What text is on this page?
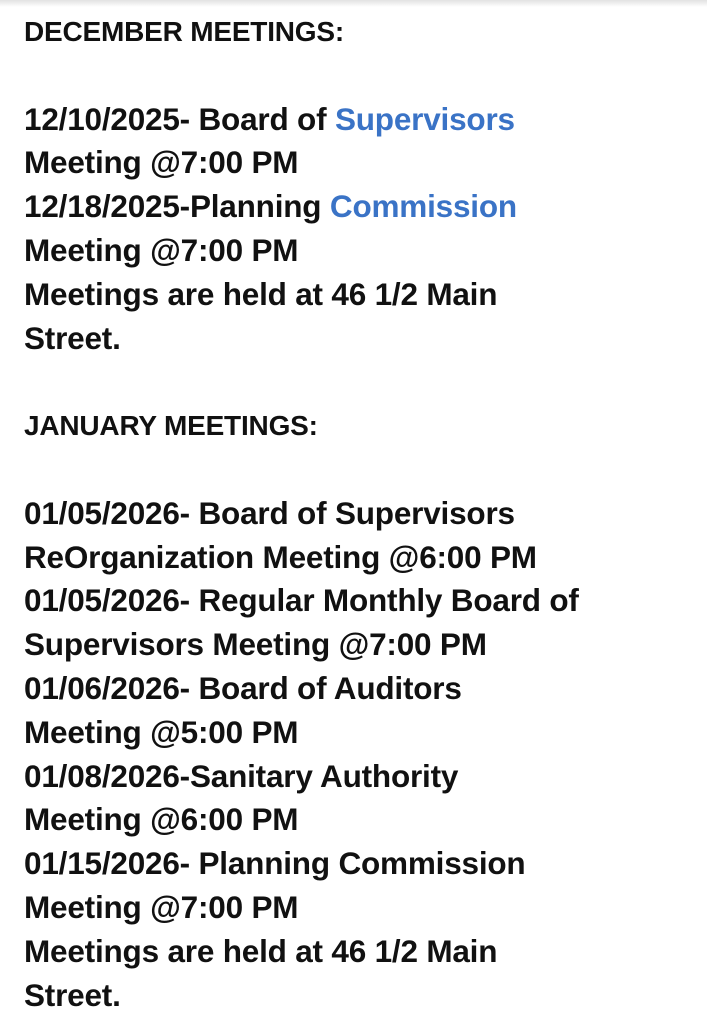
DECEMBER MEETINGS:
12/10/2025- Board of Supervisors
Meeting @7:00 PM
12/18/2025-Planning Commission
Meeting @7:00 PM
Meetings are held at 46 1/2 Main
Street.
JANUARY MEETINGS:
01/05/2026- Board of Supervisors
ReOrganization Meeting @6:00 PM
01/05/2026- Regular Monthly Board of
Supervisors Meeting @7:00 PM
01/06/2026- Board of Auditors
Meeting @5:00 PM
01/08/2026-Sanitary Authority
Meeting @6:00 PM
01/15/2026- Planning Commission
Meeting @7:00 PM
Meetings are held at 46 1/2 Main
Street.
